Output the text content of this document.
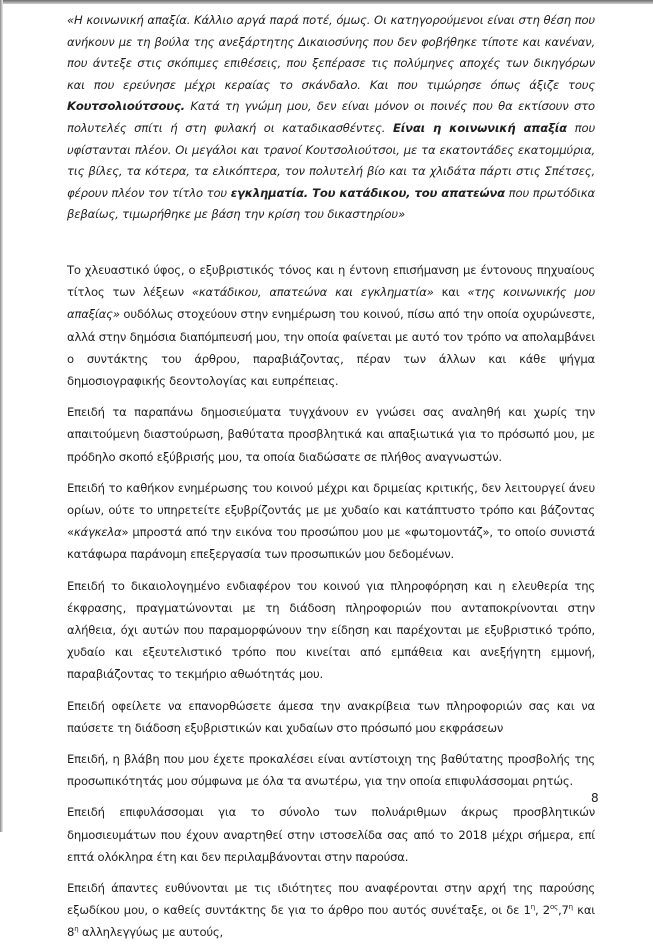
«Η κοινωνική απαξία. Κάλλιο αργά παρά ποτέ, όμως. Οι κατηγορούμενοι είναι στη θέση που ανήκουν με τη βούλα της ανεξάρτητης Δικαιοσύνης που δεν φοβήθηκε τίποτε και κανέναν, που άντεξε στις σκόπιμες επιθέσεις, που ξεπέρασε τις πολύμηνες αποχές των δικηγόρων και που ερεύνησε μέχρι κεραίας το σκάνδαλο. Και που τιμώρησε όπως άξιζε τους Κουτσολιούτσους. Κατά τη γνώμη μου, δεν είναι μόνον οι ποινές που θα εκτίσουν στο πολυτελές σπίτι ή στη φυλακή οι καταδικασθέντες. Είναι η κοινωνική απαξία που υφίστανται πλέον. Οι μεγάλοι και τρανοί Κουτσολιούτσοι, με τα εκατοντάδες εκατομμύρια, τις βίλες, τα κότερα, τα ελικόπτερα, τον πολυτελή βίο και τα χλιδάτα πάρτι στις Σπέτσες, φέρουν πλέον τον τίτλο του εγκληματία. Του κατάδικου, του απατεώνα που πρωτόδικα βεβαίως, τιμωρήθηκε με βάση την κρίση του δικαστηρίου»

Το χλευαστικό ύφος, ο εξυβριστικός τόνος και η έντονη επισήμανση με έντονους πηχυαίους τίτλος των λέξεων «κατάδικου, απατεώνα και εγκληματία» και «της κοινωνικής μου απαξίας» ουδόλως στοχεύουν στην ενημέρωση του κοινού, πίσω από την οποία οχυρώνεστε, αλλά στην δημόσια διαπόμπευσή μου, την οποία φαίνεται με αυτό τον τρόπο να απολαμβάνει ο συντάκτης του άρθρου, παραβιάζοντας, πέραν των άλλων και κάθε ψήγμα δημοσιογραφικής δεοντολογίας και ευπρέπειας.

Επειδή τα παραπάνω δημοσιεύματα τυγχάνουν εν γνώσει σας αναληθή και χωρίς την απαιτούμενη διαστούρωση, βαθύτατα προσβλητικά και απαξιωτικά για το πρόσωπό μου, με πρόδηλο σκοπό εξύβρισής μου, τα οποία διαδώσατε σε πλήθος αναγνωστών.

Επειδή το καθήκον ενημέρωσης του κοινού μέχρι και δριμείας κριτικής, δεν λειτουργεί άνευ ορίων, ούτε το υπηρετείτε εξυβρίζοντάς με με χυδαίο και κατάπτυστο τρόπο και βάζοντας «κάγκελα» μπροστά από την εικόνα του προσώπου μου με «φωτομοντάζ», το οποίο συνιστά κατάφωρα παράνομη επεξεργασία των προσωπικών μου δεδομένων.

Επειδή το δικαιολογημένο ενδιαφέρον του κοινού για πληροφόρηση και η ελευθερία της έκφρασης, πραγματώνονται με τη διάδοση πληροφοριών που ανταποκρίνονται στην αλήθεια, όχι αυτών που παραμορφώνουν την είδηση και παρέχονται με εξυβριστικό τρόπο, χυδαίο και εξευτελιστικό τρόπο που κινείται από εμπάθεια και ανεξήγητη εμμονή, παραβιάζοντας το τεκμήριο αθωότητάς μου.

Επειδή οφείλετε να επανορθώσετε άμεσα την ανακρίβεια των πληροφοριών σας και να παύσετε τη διάδοση εξυβριστικών και χυδαίων στο πρόσωπό μου εκφράσεων

Επειδή, η βλάβη που μου έχετε προκαλέσει είναι αντίστοιχη της βαθύτατης προσβολής της προσωπικότητάς μου σύμφωνα με όλα τα ανωτέρω, για την οποία επιφυλάσσομαι ρητώς.

Επειδή επιφυλάσσομαι για το σύνολο των πολυάριθμων άκρως προσβλητικών δημοσιευμάτων που έχουν αναρτηθεί στην ιστοσελίδα σας από το 2018 μέχρι σήμερα, επί επτά ολόκληρα έτη και δεν περιλαμβάνονται στην παρούσα.

Επειδή άπαντες ευθύνονται με τις ιδιότητες που αναφέρονται στην αρχή της παρούσης εξωδίκου μου, ο καθείς συντάκτης δε για το άρθρο που αυτός συνέταξε, οι δε $1^\eta$, $2^{o\varsigma},7^\eta$ και $8^\eta$ αλληλεγγύως με αυτούς,

8
